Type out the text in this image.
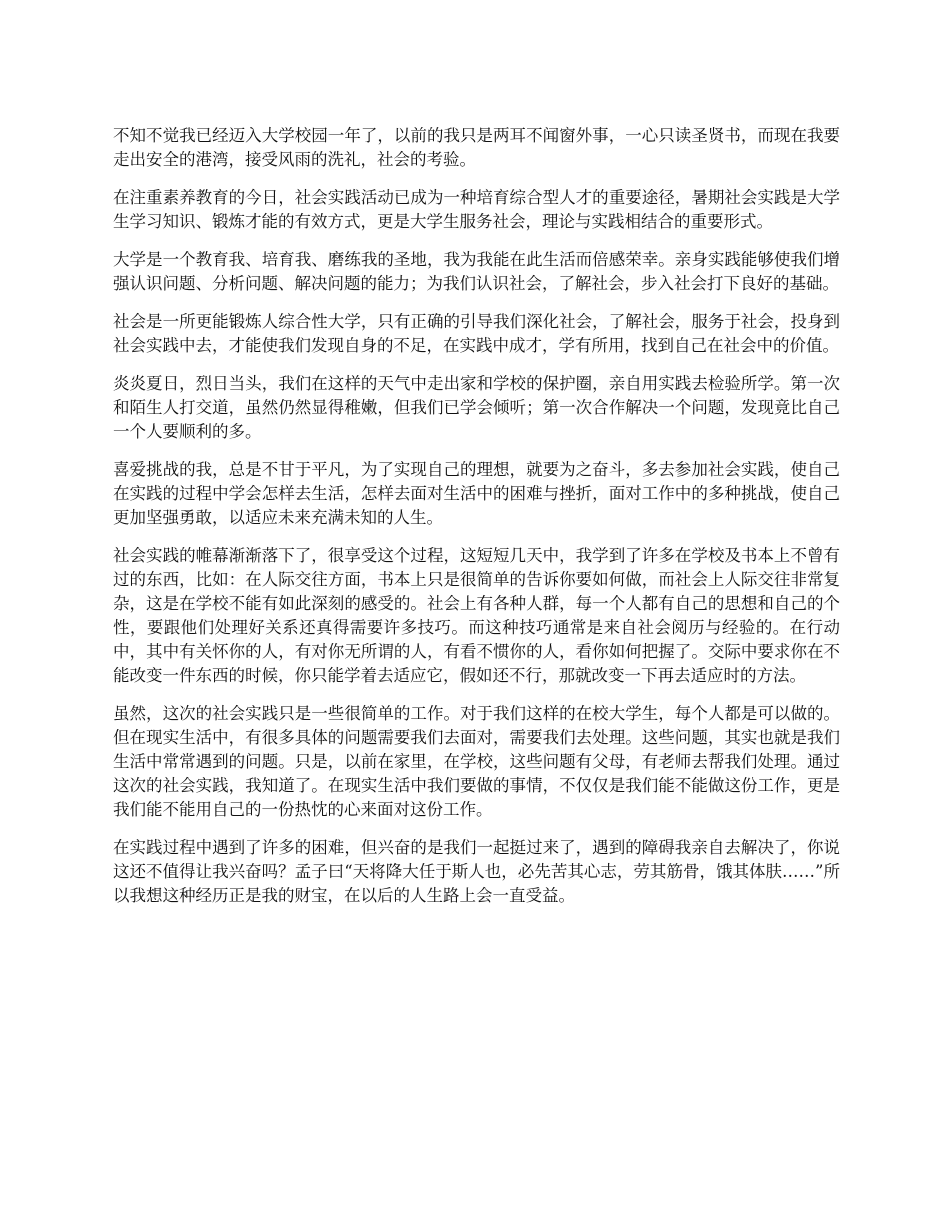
不知不觉我已经迈入大学校园一年了，以前的我只是两耳不闻窗外事，一心只读圣贤书，而现在我要走出安全的港湾，接受风雨的洗礼，社会的考验。

在注重素养教育的今日，社会实践活动已成为一种培育综合型人才的重要途径，暑期社会实践是大学生学习知识、锻炼才能的有效方式，更是大学生服务社会，理论与实践相结合的重要形式。

大学是一个教育我、培育我、磨练我的圣地，我为我能在此生活而倍感荣幸。亲身实践能够使我们增强认识问题、分析问题、解决问题的能力；为我们认识社会，了解社会，步入社会打下良好的基础。

社会是一所更能锻炼人综合性大学，只有正确的引导我们深化社会，了解社会，服务于社会，投身到社会实践中去，才能使我们发现自身的不足，在实践中成才，学有所用，找到自己在社会中的价值。

炎炎夏日，烈日当头，我们在这样的天气中走出家和学校的保护圈，亲自用实践去检验所学。第一次和陌生人打交道，虽然仍然显得稚嫩，但我们已学会倾听；第一次合作解决一个问题，发现竟比自己一个人要顺利的多。

喜爱挑战的我，总是不甘于平凡，为了实现自己的理想，就要为之奋斗，多去参加社会实践，使自己在实践的过程中学会怎样去生活，怎样去面对生活中的困难与挫折，面对工作中的多种挑战，使自己更加坚强勇敢，以适应未来充满未知的人生。

社会实践的帷幕渐渐落下了，很享受这个过程，这短短几天中，我学到了许多在学校及书本上不曾有过的东西，比如：在人际交往方面，书本上只是很简单的告诉你要如何做，而社会上人际交往非常复杂，这是在学校不能有如此深刻的感受的。社会上有各种人群，每一个人都有自己的思想和自己的个性，要跟他们处理好关系还真得需要许多技巧。而这种技巧通常是来自社会阅历与经验的。在行动中，其中有关怀你的人，有对你无所谓的人，有看不惯你的人，看你如何把握了。交际中要求你在不能改变一件东西的时候，你只能学着去适应它，假如还不行，那就改变一下再去适应时的方法。

虽然，这次的社会实践只是一些很简单的工作。对于我们这样的在校大学生，每个人都是可以做的。但在现实生活中，有很多具体的问题需要我们去面对，需要我们去处理。这些问题，其实也就是我们生活中常常遇到的问题。只是，以前在家里，在学校，这些问题有父母，有老师去帮我们处理。通过这次的社会实践，我知道了。在现实生活中我们要做的事情，不仅仅是我们能不能做这份工作，更是我们能不能用自己的一份热忱的心来面对这份工作。

在实践过程中遇到了许多的困难，但兴奋的是我们一起挺过来了，遇到的障碍我亲自去解决了，你说这还不值得让我兴奋吗？孟子曰“天将降大任于斯人也，必先苦其心志，劳其筋骨，饿其体肤……”所以我想这种经历正是我的财宝，在以后的人生路上会一直受益。
